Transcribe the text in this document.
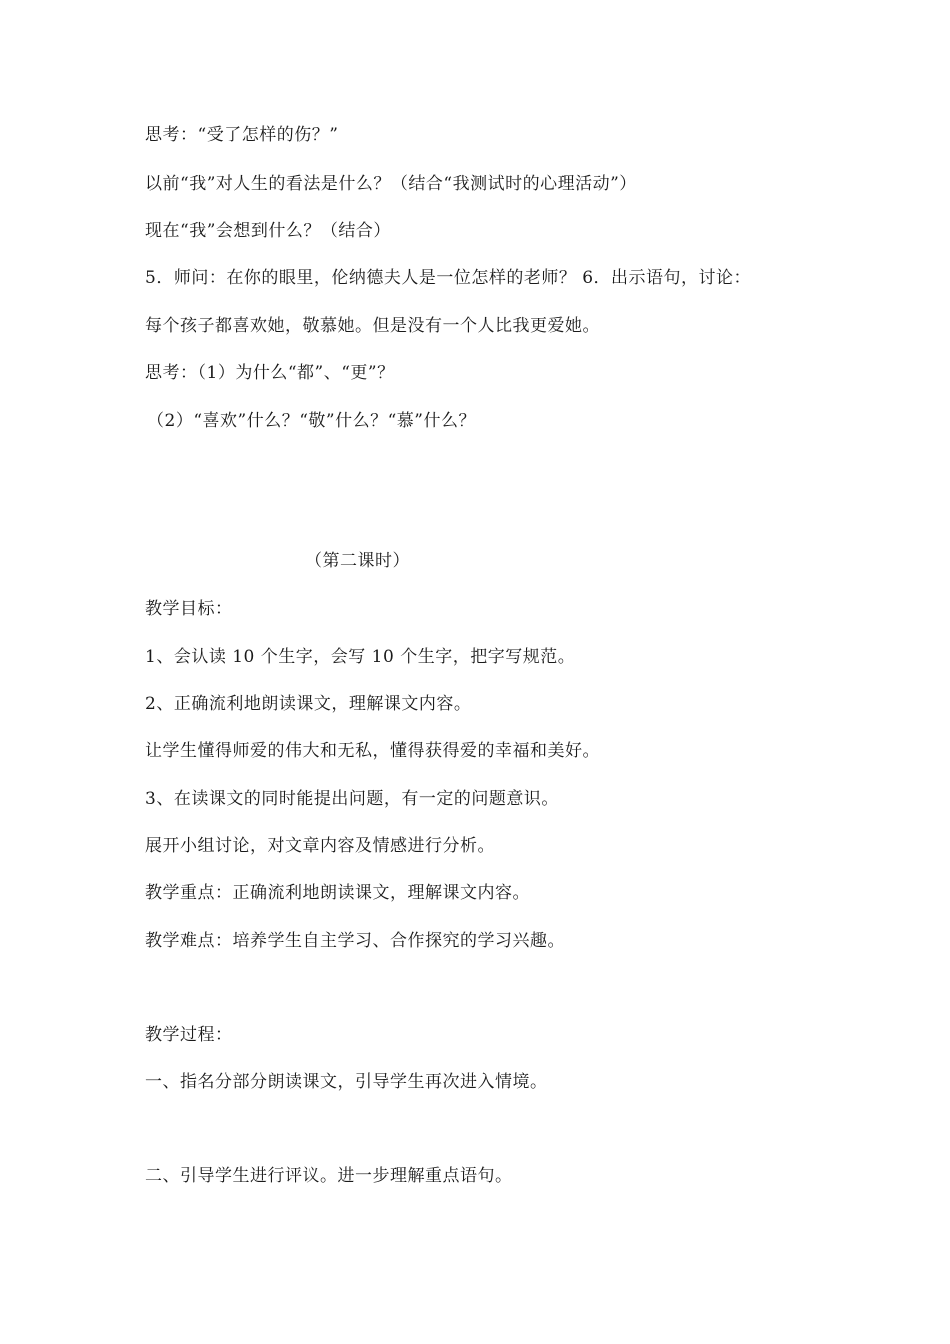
思考：“受了怎样的伤？”
以前“我”对人生的看法是什么？（结合“我测试时的心理活动”）
现在“我”会想到什么？（结合）
5．师问：在你的眼里，伦纳德夫人是一位怎样的老师？ 6．出示语句，讨论：
每个孩子都喜欢她，敬慕她。但是没有一个人比我更爱她。
思考：（1）为什么“都”、“更”？
（2）“喜欢”什么？“敬”什么？“慕”什么？
（第二课时）
教学目标：
1、会认读 10 个生字，会写 10 个生字，把字写规范。
2、正确流利地朗读课文，理解课文内容。
让学生懂得师爱的伟大和无私，懂得获得爱的幸福和美好。
3、在读课文的同时能提出问题，有一定的问题意识。
展开小组讨论，对文章内容及情感进行分析。
教学重点：正确流利地朗读课文，理解课文内容。
教学难点：培养学生自主学习、合作探究的学习兴趣。
教学过程：
一、指名分部分朗读课文，引导学生再次进入情境。
二、引导学生进行评议。进一步理解重点语句。
